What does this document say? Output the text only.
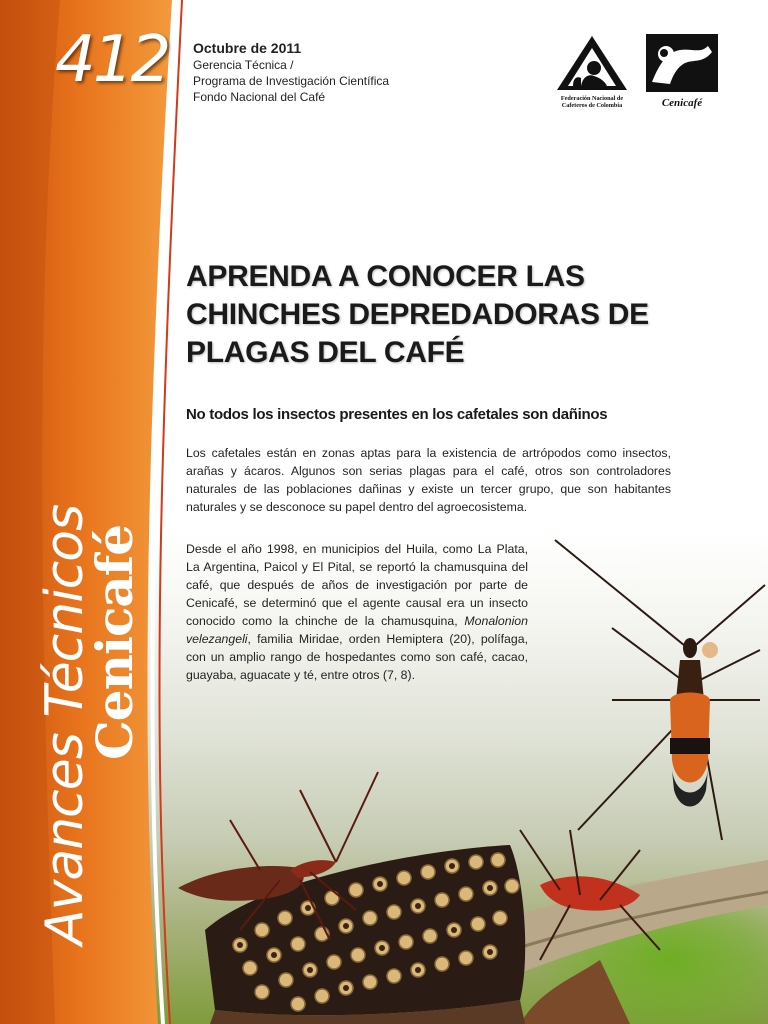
412
Avances Técnicos
Cenicafé
Octubre de 2011
Gerencia Técnica /
Programa de Investigación Científica
Fondo Nacional del Café	Federación Nacional de
Cafeteros de Colombia	Cenicafé
APRENDA A CONOCER LAS
CHINCHES DEPREDADORAS DE
PLAGAS DEL CAFÉ
No todos los insectos presentes en los cafetales son dañinos
Los cafetales están en zonas aptas para la existencia de artrópodos como insectos, arañas y ácaros. Algunos son serias plagas para el café, otros son controladores naturales de las poblaciones dañinas y existe un tercer grupo, que son habitantes naturales y se desconoce su papel dentro del agroecosistema.
Desde el año 1998, en municipios del Huila, como La Plata, La Argentina, Paicol y El Pital, se reportó la chamusquina del café, que después de años de investigación por parte de Cenicafé, se determinó que el agente causal era un insecto conocido como la chinche de la chamusquina, Monalonion velezangeli, familia Miridae, orden Hemiptera (20), polífaga, con un amplio rango de hospedantes como son café, cacao, guayaba, aguacate y té, entre otros (7, 8).
